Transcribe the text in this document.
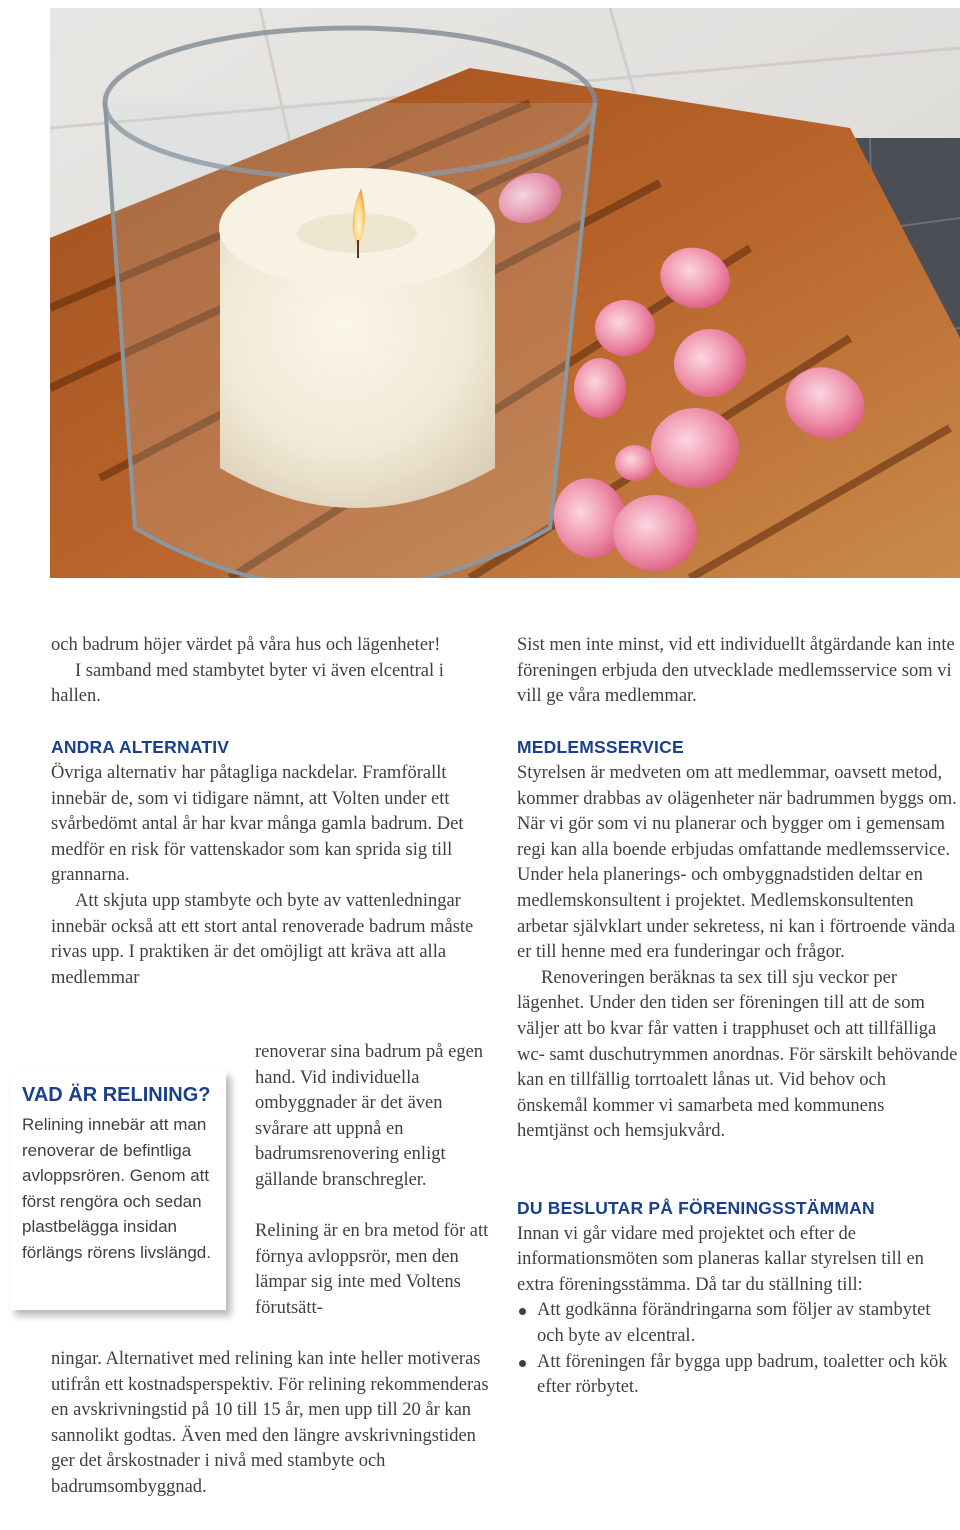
och badrum höjer värdet på våra hus och lägenheter!

I samband med stambytet byter vi även elcentral i hallen.

ANDRA ALTERNATIV

Övriga alternativ har påtagliga nackdelar. Framförallt innebär de, som vi tidigare nämnt, att Volten under ett svårbedömt antal år har kvar många gamla badrum. Det medför en risk för vattenskador som kan sprida sig till grannarna.

Att skjuta upp stambyte och byte av vattenledningar innebär också att ett stort antal renoverade badrum måste rivas upp. I praktiken är det omöjligt att kräva att alla medlemmar

renoverar sina badrum på egen hand. Vid individuella ombyggnader är det även svårare att uppnå en badrumsrenovering enligt gällande branschregler.

Relining är en bra metod för att förnya avloppsrör, men den lämpar sig inte med Voltens förutsätt-

VAD ÄR RELINING?
Relining innebär att man renoverar de befintliga avloppsrören. Genom att först rengöra och sedan plastbelägga insidan förlängs rörens livslängd.

ningar. Alternativet med relining kan inte heller motiveras utifrån ett kostnadsperspektiv. För relining rekommenderas en avskrivningstid på 10 till 15 år, men upp till 20 år kan sannolikt godtas. Även med den längre avskrivningstiden ger det årskostnader i nivå med stambyte och badrumsombyggnad.

Sist men inte minst, vid ett individuellt åtgärdande kan inte föreningen erbjuda den utvecklade medlemsservice som vi vill ge våra medlemmar.

MEDLEMSSERVICE

Styrelsen är medveten om att medlemmar, oavsett metod, kommer drabbas av olägenheter när badrummen byggs om. När vi gör som vi nu planerar och bygger om i gemensam regi kan alla boende erbjudas omfattande medlemsservice. Under hela planerings- och ombyggnadstiden deltar en medlemskonsultent i projektet. Medlemskonsultenten arbetar självklart under sekretess, ni kan i förtroende vända er till henne med era funderingar och frågor.

Renoveringen beräknas ta sex till sju veckor per lägenhet. Under den tiden ser föreningen till att de som väljer att bo kvar får vatten i trapphuset och att tillfälliga wc- samt duschutrymmen anordnas. För särskilt behövande kan en tillfällig torrtoalett lånas ut. Vid behov och önskemål kommer vi samarbeta med kommunens hemtjänst och hemsjukvård.

DU BESLUTAR PÅ FÖRENINGSSTÄMMAN

Innan vi går vidare med projektet och efter de informationsmöten som planeras kallar styrelsen till en extra föreningsstämma. Då tar du ställning till:

Att godkänna förändringarna som följer av stambytet och byte av elcentral.
Att föreningen får bygga upp badrum, toaletter och kök efter rörbytet.
